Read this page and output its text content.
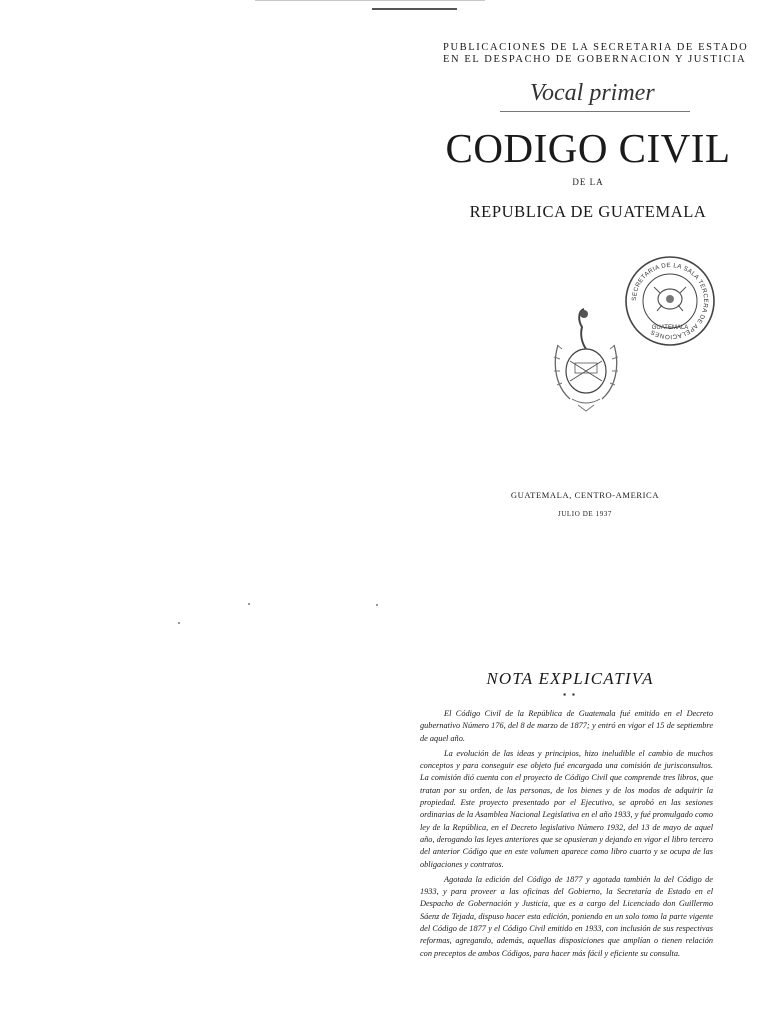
PUBLICACIONES DE LA SECRETARIA DE ESTADO
EN EL DESPACHO DE GOBERNACION Y JUSTICIA
Vocal primer
CODIGO CIVIL
DE LA
REPUBLICA DE GUATEMALA
SECRETARIA DE LA SALA TERCERA DE APELACIONES
GUATEMALA
GUATEMALA, CENTRO-AMERICA
JULIO DE 1937
NOTA EXPLICATIVA
▪ ▪

El Código Civil de la República de Guatemala fué emitido en el Decreto gubernativo Número 176, del 8 de marzo de 1877; y entró en vigor el 15 de septiembre de aquel año.

La evolución de las ideas y principios, hizo ineludible el cambio de muchos conceptos y para conseguir ese objeto fué encargada una comisión de jurisconsultos. La comisión dió cuenta con el proyecto de Código Civil que comprende tres libros, que tratan por su orden, de las personas, de los bienes y de los modos de adquirir la propiedad. Este proyecto presentado por el Ejecutivo, se aprobó en las sesiones ordinarias de la Asamblea Nacional Legislativa en el año 1933, y fué promulgado como ley de la República, en el Decreto legislativo Número 1932, del 13 de mayo de aquel año, derogando las leyes anteriores que se opusieran y dejando en vigor el libro tercero del anterior Código que en este volumen aparece como libro cuarto y se ocupa de las obligaciones y contratos.

Agotada la edición del Código de 1877 y agotada también la del Código de 1933, y para proveer a las oficinas del Gobierno, la Secretaría de Estado en el Despacho de Gobernación y Justicia, que es a cargo del Licenciado don Guillermo Sáenz de Tejada, dispuso hacer esta edición, poniendo en un solo tomo la parte vigente del Código de 1877 y el Código Civil emitido en 1933, con inclusión de sus respectivas reformas, agregando, además, aquellas disposiciones que amplían o tienen relación con preceptos de ambos Códigos, para hacer más fácil y eficiente su consulta.
